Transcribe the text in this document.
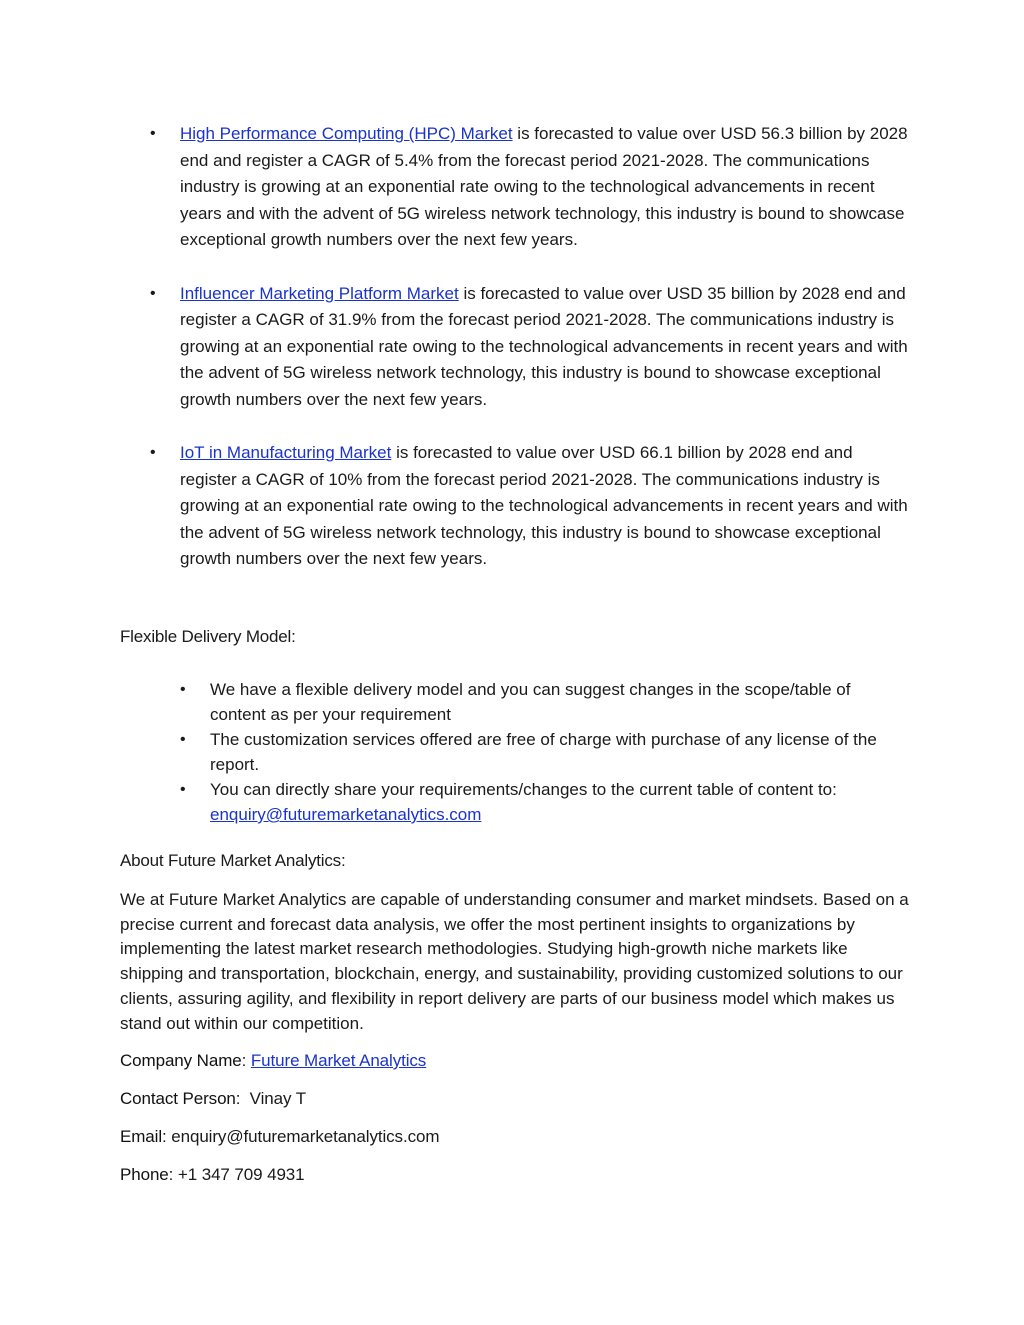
•	High Performance Computing (HPC) Market is forecasted to value over USD 56.3 billion by 2028 end and register a CAGR of 5.4% from the forecast period 2021-2028. The communications industry is growing at an exponential rate owing to the technological advancements in recent years and with the advent of 5G wireless network technology, this industry is bound to showcase exceptional growth numbers over the next few years.
•	Influencer Marketing Platform Market is forecasted to value over USD 35 billion by 2028 end and register a CAGR of 31.9% from the forecast period 2021-2028. The communications industry is growing at an exponential rate owing to the technological advancements in recent years and with the advent of 5G wireless network technology, this industry is bound to showcase exceptional growth numbers over the next few years.
•	IoT in Manufacturing Market is forecasted to value over USD 66.1 billion by 2028 end and register a CAGR of 10% from the forecast period 2021-2028. The communications industry is growing at an exponential rate owing to the technological advancements in recent years and with the advent of 5G wireless network technology, this industry is bound to showcase exceptional growth numbers over the next few years.
Flexible Delivery Model:
•	We have a flexible delivery model and you can suggest changes in the scope/table of content as per your requirement
•	The customization services offered are free of charge with purchase of any license of the report.
•	You can directly share your requirements/changes to the current table of content to: enquiry@futuremarketanalytics.com
About Future Market Analytics:

We at Future Market Analytics are capable of understanding consumer and market mindsets. Based on a precise current and forecast data analysis, we offer the most pertinent insights to organizations by implementing the latest market research methodologies. Studying high-growth niche markets like shipping and transportation, blockchain, energy, and sustainability, providing customized solutions to our clients, assuring agility, and flexibility in report delivery are parts of our business model which makes us stand out within our competition.

Company Name: Future Market Analytics
Contact Person:  Vinay T
Email: enquiry@futuremarketanalytics.com
Phone: +1 347 709 4931
